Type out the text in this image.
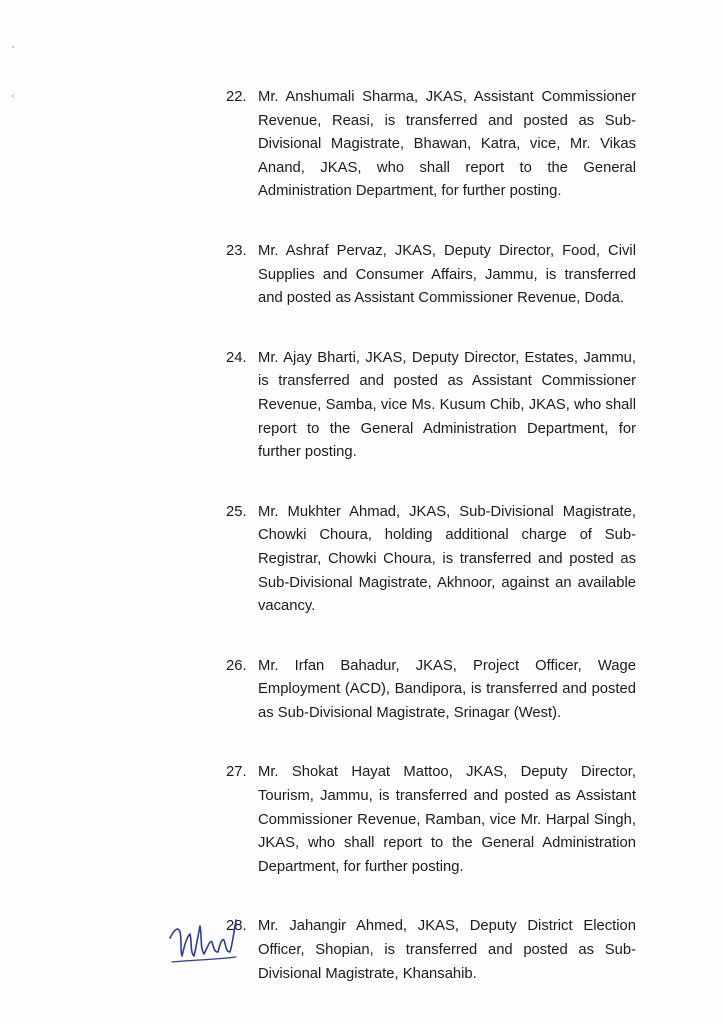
22. Mr. Anshumali Sharma, JKAS, Assistant Commissioner Revenue, Reasi, is transferred and posted as Sub-Divisional Magistrate, Bhawan, Katra, vice, Mr. Vikas Anand, JKAS, who shall report to the General Administration Department, for further posting.
23. Mr. Ashraf Pervaz, JKAS, Deputy Director, Food, Civil Supplies and Consumer Affairs, Jammu, is transferred and posted as Assistant Commissioner Revenue, Doda.
24. Mr. Ajay Bharti, JKAS, Deputy Director, Estates, Jammu, is transferred and posted as Assistant Commissioner Revenue, Samba, vice Ms. Kusum Chib, JKAS, who shall report to the General Administration Department, for further posting.
25. Mr. Mukhter Ahmad, JKAS, Sub-Divisional Magistrate, Chowki Choura, holding additional charge of Sub-Registrar, Chowki Choura, is transferred and posted as Sub-Divisional Magistrate, Akhnoor, against an available vacancy.
26. Mr. Irfan Bahadur, JKAS, Project Officer, Wage Employment (ACD), Bandipora, is transferred and posted as Sub-Divisional Magistrate, Srinagar (West).
27. Mr. Shokat Hayat Mattoo, JKAS, Deputy Director, Tourism, Jammu, is transferred and posted as Assistant Commissioner Revenue, Ramban, vice Mr. Harpal Singh, JKAS, who shall report to the General Administration Department, for further posting.
28. Mr. Jahangir Ahmed, JKAS, Deputy District Election Officer, Shopian, is transferred and posted as Sub-Divisional Magistrate, Khansahib.
